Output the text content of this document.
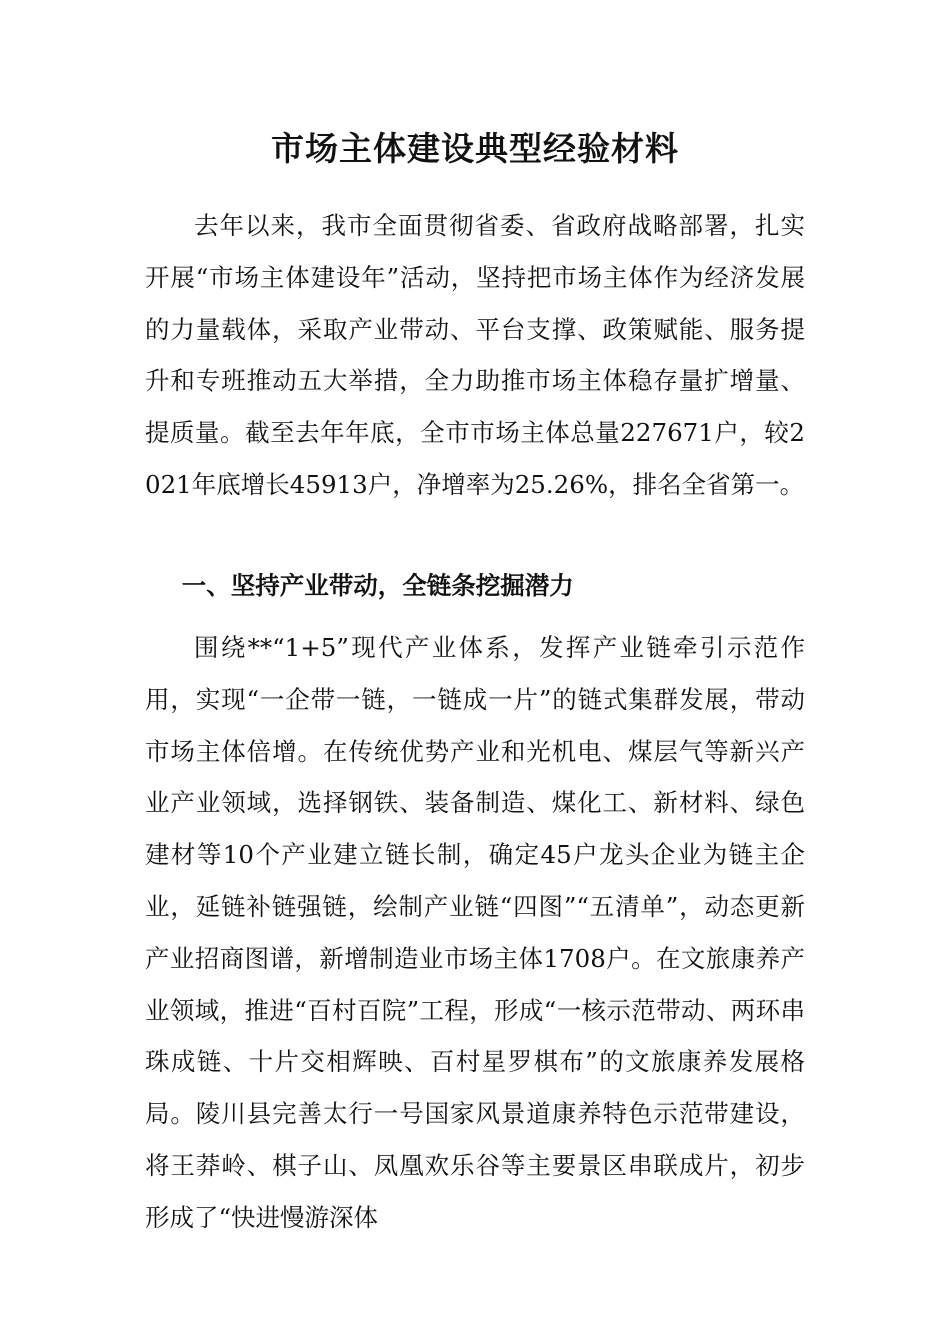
市场主体建设典型经验材料

去年以来，我市全面贯彻省委、省政府战略部署，扎实开展“市场主体建设年”活动，坚持把市场主体作为经济发展的力量载体，采取产业带动、平台支撑、政策赋能、服务提升和专班推动五大举措，全力助推市场主体稳存量扩增量、提质量。截至去年年底，全市市场主体总量227671户，较2021年底增长45913户，净增率为25.26%，排名全省第一。

一、坚持产业带动，全链条挖掘潜力

围绕**“1+5”现代产业体系，发挥产业链牵引示范作用，实现“一企带一链，一链成一片”的链式集群发展，带动市场主体倍增。在传统优势产业和光机电、煤层气等新兴产业产业领域，选择钢铁、装备制造、煤化工、新材料、绿色建材等10个产业建立链长制，确定45户龙头企业为链主企业，延链补链强链，绘制产业链“四图”“五清单”，动态更新产业招商图谱，新增制造业市场主体1708户。在文旅康养产业领域，推进“百村百院”工程，形成“一核示范带动、两环串珠成链、十片交相辉映、百村星罗棋布”的文旅康养发展格局。陵川县完善太行一号国家风景道康养特色示范带建设，将王莽岭、棋子山、凤凰欢乐谷等主要景区串联成片，初步形成了“快进慢游深体
